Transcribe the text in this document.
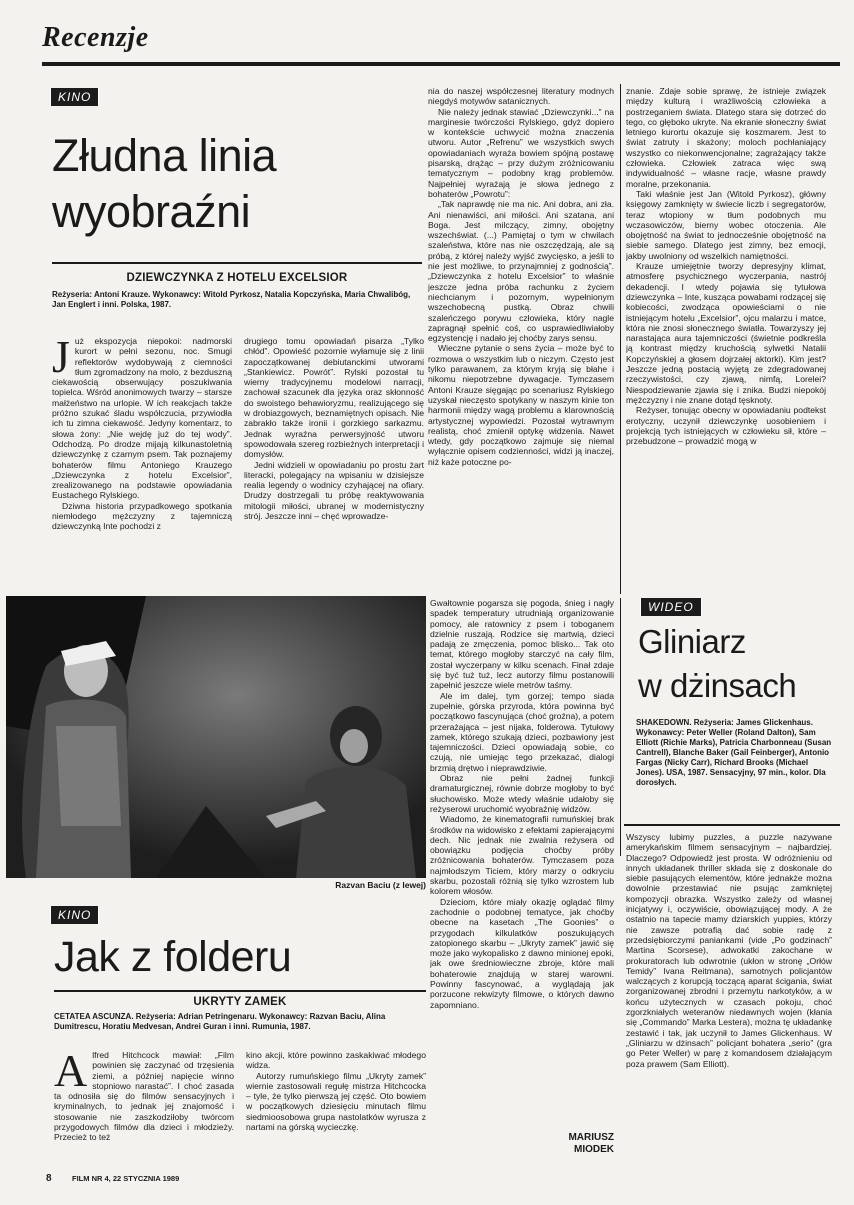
Recenzje
KINO
Złudna linia
wyobraźni
DZIEWCZYNKA Z HOTELU EXCELSIOR
Reżyseria: Antoni Krauze. Wykonawcy: Witold Pyrkosz, Natalia Kopczyńska, Maria Chwalibóg, Jan Englert i inni. Polska, 1987.

Już ekspozycja niepokoi: nadmorski kurort w pełni sezonu, noc. Smugi reflektorów wydobywają z ciemności tłum zgromadzony na molo, z bezduszną ciekawością obserwujący poszukiwania topielca. Wśród anonimowych twarzy – starsze małżeństwo na urlopie. W ich reakcjach także próżno szukać śladu współczucia, przywiodła ich tu zimna ciekawość. Jedyny komentarz, to słowa żony: „Nie wejdę już do tej wody”. Odchodzą. Po drodze mijają kilkunastoletnią dziewczynkę z czarnym psem. Tak poznajemy bohaterów filmu Antoniego Krauzego „Dziewczynka z hotelu Excelsior”, zrealizowanego na podstawie opowiadania Eustachego Rylskiego.

Dziwna historia przypadkowego spotkania niemłodego mężczyzny z tajemniczą dziewczynką Inte pochodzi z

drugiego tomu opowiadań pisarza „Tylko chłód”. Opowieść pozornie wyłamuje się z linii zapoczątkowanej debiutanckimi utworami „Stankiewicz. Powrót”. Rylski pozostał tu wierny tradycyjnemu modelowi narracji, zachował szacunek dla języka oraz skłonność do swoistego behawioryzmu, realizującego się w drobiazgowych, beznamiętnych opisach. Nie zabrakło także ironii i gorzkiego sarkazmu. Jednak wyraźna perwersyjność utworu spowodowała szereg rozbieżnych interpretacji i domysłów.

Jedni widzieli w opowiadaniu po prostu żart literacki, polegający na wpisaniu w dzisiejsze realia legendy o wodnicy czyhającej na ofiary. Drudzy dostrzegali tu próbę reaktywowania mitologii miłości, ubranej w modernistyczny strój. Jeszcze inni – chęć wprowadze-

nia do naszej współczesnej literatury modnych niegdyś motywów satanicznych.

Nie należy jednak stawiać „Dziewczynki...” na marginesie twórczości Rylskiego, gdyż dopiero w kontekście uchwycić można znaczenia utworu. Autor „Refrenu” we wszystkich swych opowiadaniach wyraża bowiem spójną postawę pisarską, drążąc – przy dużym zróżnicowaniu tematycznym – podobny krąg problemów. Najpełniej wyrażają je słowa jednego z bohaterów „Powrotu”:

„Tak naprawdę nie ma nic. Ani dobra, ani zła. Ani nienawiści, ani miłości. Ani szatana, ani Boga. Jest milczący, zimny, obojętny wszechświat. (...) Pamiętaj o tym w chwilach szaleństwa, które nas nie oszczędzają, ale są próbą, z której należy wyjść zwycięsko, a jeśli to nie jest możliwe, to przynajmniej z godnością”. „Dziewczynka z hotelu Excelsior” to właśnie jeszcze jedna próba rachunku z życiem niechcianym i pozornym, wypełnionym wszechobecną pustką. Obraz chwili szaleńczego porywu człowieka, który nagle zapragnął spełnić coś, co usprawiedliwiałoby egzystencję i nadało jej choćby zarys sensu.

Wieczne pytanie o sens życia – może być to rozmowa o wszystkim lub o niczym. Często jest tylko parawanem, za którym kryją się błahe i nikomu niepotrzebne dywagacje. Tymczasem Antoni Krauze sięgając po scenariusz Rylskiego uzyskał nieczęsto spotykany w naszym kinie ton harmonii między wagą problemu a klarownością artystycznej wypowiedzi. Pozostał wytrawnym realistą, choć zmienił optykę widzenia. Nawet wtedy, gdy początkowo zajmuje się niemal wyłącznie opisem codzienności, widzi ją inaczej, niż każe potoczne po-

znanie. Zdaje sobie sprawę, że istnieje związek między kulturą i wrażliwością człowieka a postrzeganiem świata. Dlatego stara się dotrzeć do tego, co głęboko ukryte. Na ekranie słoneczny świat letniego kurortu okazuje się koszmarem. Jest to świat zatruty i skażony; moloch pochłaniający wszystko co niekonwencjonalne; zagrażający także człowieka. Człowiek zatraca więc swą indywidualność – własne racje, własne prawdy moralne, przekonania.

Taki właśnie jest Jan (Witold Pyrkosz), główny księgowy zamknięty w świecie liczb i segregatorów, teraz wtopiony w tłum podobnych mu wczasowiczów, bierny wobec otoczenia. Ale obojętność na świat to jednocześnie obojętność na siebie samego. Dlatego jest zimny, bez emocji, jakby uwolniony od wszelkich namiętności.

Krauze umiejętnie tworzy depresyjny klimat, atmosferę psychicznego wyczerpania, nastrój dekadencji. I wtedy pojawia się tytułowa dziewczynka – Inte, kusząca powabami rodzącej się kobiecości, zwodząca opowieściami o nie istniejącym hotelu „Excelsior”, ojcu malarzu i matce, która nie znosi słonecznego światła. Towarzyszy jej narastająca aura tajemniczości (świetnie podkreśla ją kontrast między kruchością sylwetki Natalii Kopczyńskiej a głosem dojrzałej aktorki). Kim jest? Jeszcze jedną postacią wyjętą ze zdegradowanej rzeczywistości, czy zjawą, nimfą, Lorelei? Niespodziewanie zjawia się i znika. Budzi niepokój mężczyzny i nie znane dotąd tęsknoty.

Reżyser, tonując obecny w opowiadaniu podtekst erotyczny, uczynił dziewczynkę uosobieniem i projekcją tych istniejących w człowieku sił, które – przebudzone – prowadzić mogą w

Razvan Baciu (z lewej)

Gwałtownie pogarsza się pogoda, śnieg i nagły spadek temperatury utrudniają organizowanie pomocy, ale ratownicy z psem i toboganem dzielnie ruszają. Rodzice się martwią, dzieci padają ze zmęczenia, pomoc blisko... Tak oto temat, którego mogłoby starczyć na cały film, został wyczerpany w kilku scenach. Finał zdaje się być tuż tuż, lecz autorzy filmu postanowili zapełnić jeszcze wiele metrów taśmy.

Ale im dalej, tym gorzej; tempo siada zupełnie, górska przyroda, która powinna być początkowo fascynująca (choć groźna), a potem przerażająca – jest nijaka, folderowa. Tytułowy zamek, którego szukają dzieci, pozbawiony jest tajemniczości. Dzieci opowiadają sobie, co czują, nie umiejąc tego przekazać, dialogi brzmią drętwo i nieprawdziwie.

Obraz nie pełni żadnej funkcji dramaturgicznej, równie dobrze mogłoby to być słuchowisko. Może wtedy właśnie udałoby się reżyserowi uruchomić wyobraźnię widzów.

Wiadomo, że kinematografii rumuńskiej brak środków na widowisko z efektami zapierającymi dech. Nic jednak nie zwalnia reżysera od obowiązku podjęcia choćby próby zróżnicowania bohaterów. Tymczasem poza najmłodszym Ticiem, który marzy o odkryciu skarbu, pozostali różnią się tylko wzrostem lub kolorem włosów.

Dzieciom, które miały okazję oglądać filmy zachodnie o podobnej tematyce, jak choćby obecne na kasetach „The Goonies” o przygodach kilkulatków poszukujących zatopionego skarbu – „Ukryty zamek” jawić się może jako wykopalisko z dawno minionej epoki, jak owe średniowieczne zbroje, które mali bohaterowie znajdują w starej warowni. Powinny fascynować, a wyglądają jak porzucone rekwizyty filmowe, o których dawno zapomniano.

MARIUSZ
MIODEK
KINO
Jak z folderu
UKRYTY ZAMEK
CETATEA ASCUNZA. Reżyseria: Adrian Petringenaru. Wykonawcy: Razvan Baciu, Alina Dumitrescu, Horatiu Medvesan, Andrei Guran i inni. Rumunia, 1987.

Alfred Hitchcock mawiał: „Film powinien się zaczynać od trzęsienia ziemi, a później napięcie winno stopniowo narastać”. I choć zasada ta odnosiła się do filmów sensacyjnych i kryminalnych, to jednak jej znajomość i stosowanie nie zaszkodziłoby twórcom przygodowych filmów dla dzieci i młodzieży. Przecież to też

kino akcji, które powinno zaskakiwać młodego widza.

Autorzy rumuńskiego filmu „Ukryty zamek” wiernie zastosowali regułę mistrza Hitchcocka – tyle, że tylko pierwszą jej część. Oto bowiem w początkowych dziesięciu minutach filmu siedmioosobowa grupa nastolatków wyrusza z nartami na górską wycieczkę.

WIDEO
Gliniarz
w dżinsach
SHAKEDOWN. Reżyseria: James Glickenhaus. Wykonawcy: Peter Weller (Roland Dalton), Sam Elliott (Richie Marks), Patricia Charbonneau (Susan Cantrell), Blanche Baker (Gail Feinberger), Antonio Fargas (Nicky Carr), Richard Brooks (Michael Jones). USA, 1987. Sensacyjny, 97 min., kolor. Dla dorosłych.

Wszyscy lubimy puzzles, a puzzle nazywane amerykańskim filmem sensacyjnym – najbardziej. Dlaczego? Odpowiedź jest prosta. W odróżnieniu od innych układanek thriller składa się z doskonale do siebie pasujących elementów, które jednakże można dowolnie przestawiać nie psując zamkniętej kompozycji obrazka. Wszystko zależy od własnej inicjatywy i, oczywiście, obowiązującej mody. A że ostatnio na tapecie mamy dziarskich yuppies, którzy nie zawsze potrafią dać sobie radę z przedsiębiorczymi paniankami (vide „Po godzinach” Martina Scorsese), adwokatki zakochane w prokuratorach lub odwrotnie (ukłon w stronę „Orłów Temidy” Ivana Reitmana), samotnych policjantów walczących z korupcją toczącą aparat ścigania, świat zorganizowanej zbrodni i przemytu narkotyków, a w końcu użytecznych w czasach pokoju, choć zgorzkniałych weteranów niedawnych wojen (kłania się „Commando” Marka Lestera), można tę układankę zestawić i tak, jak uczynił to James Glickenhaus. W „Gliniarzu w dżinsach” policjant bohatera „serio” (gra go Peter Weller) w parę z komandosem działającym poza prawem (Sam Elliott).

8	FILM NR 4, 22 STYCZNIA 1989
